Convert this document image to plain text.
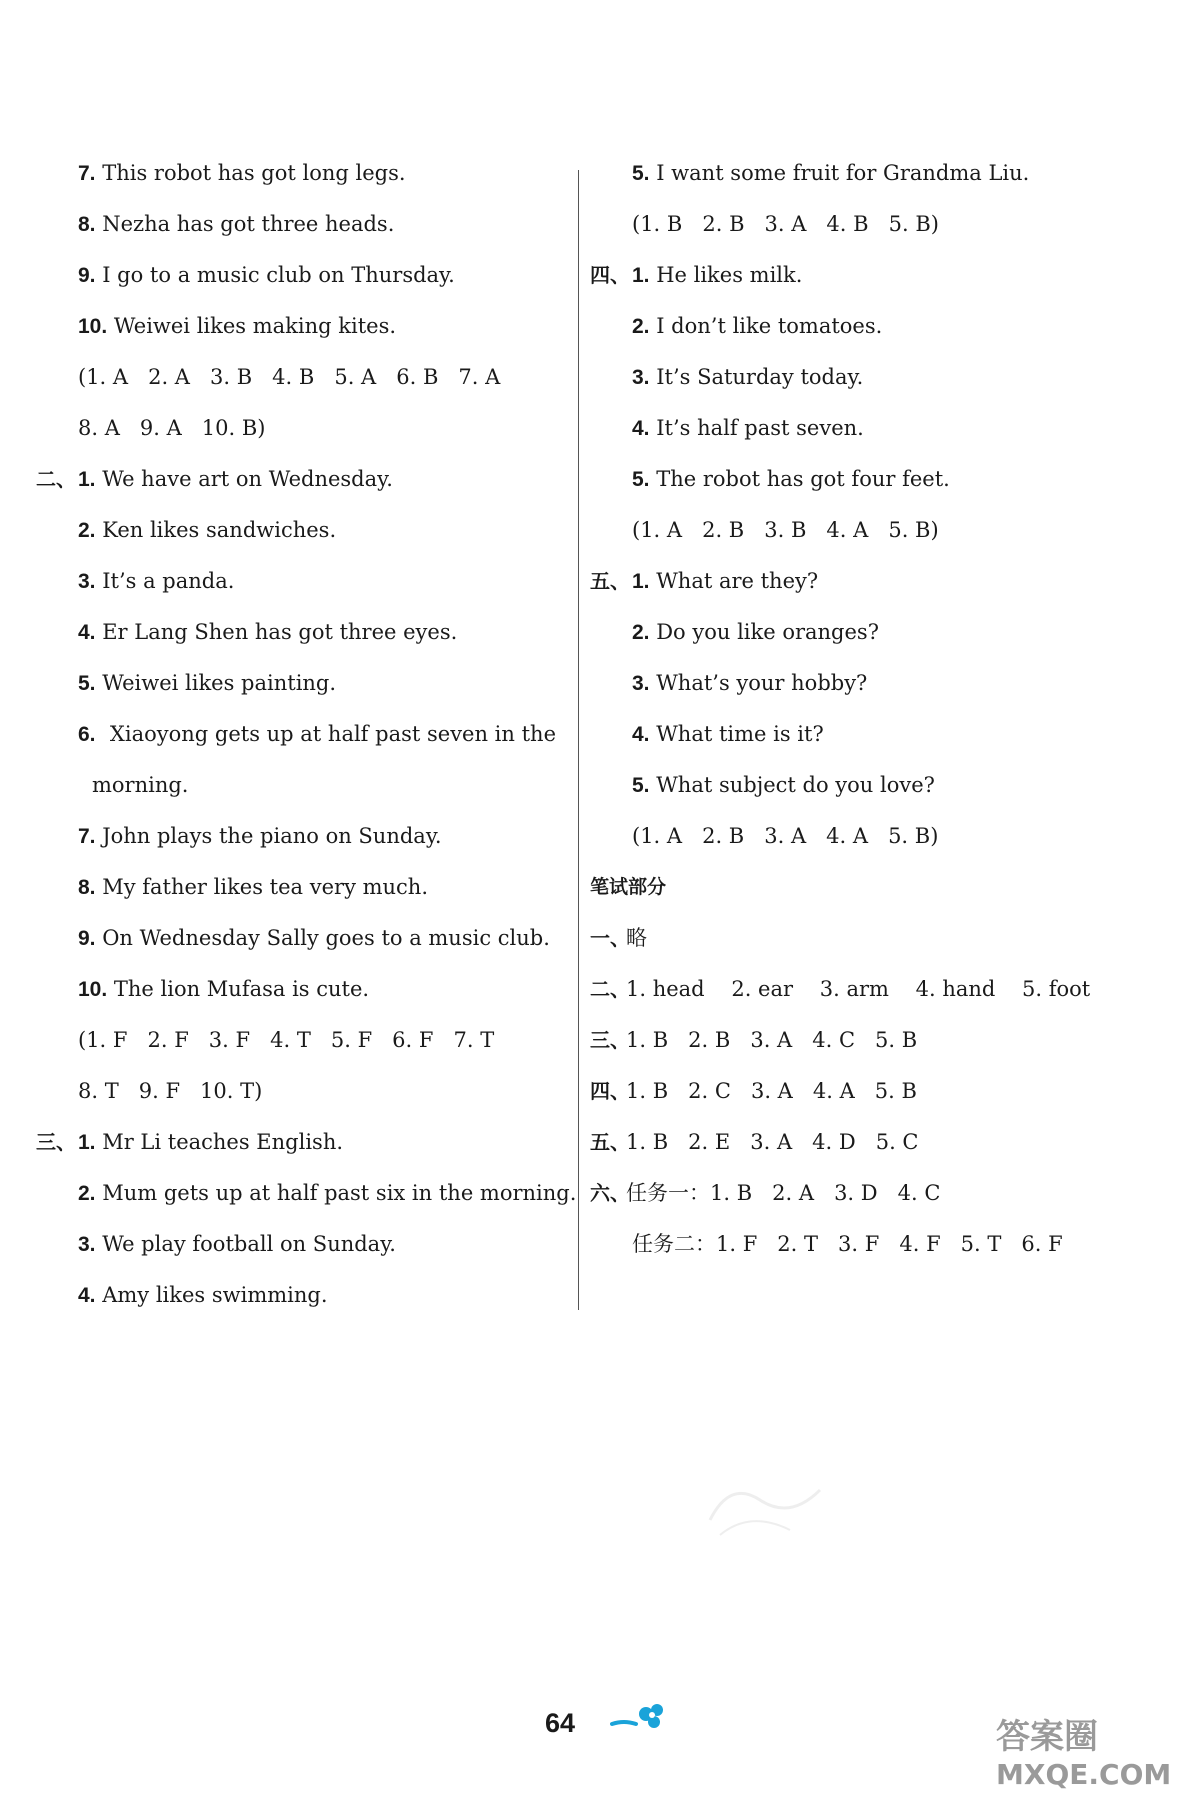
7. This robot has got long legs.
8. Nezha has got three heads.
9. I go to a music club on Thursday.
10. Weiwei likes making kites.
(1. A   2. A   3. B   4. B   5. A   6. B   7. A
8. A   9. A   10. B)
二、 1. We have art on Wednesday.
2. Ken likes sandwiches.
3. It’s a panda.
4. Er Lang Shen has got three eyes.
5. Weiwei likes painting.
6. Xiaoyong gets up at half past seven in the
morning.
7. John plays the piano on Sunday.
8. My father likes tea very much.
9. On Wednesday Sally goes to a music club.
10. The lion Mufasa is cute.
(1. F   2. F   3. F   4. T   5. F   6. F   7. T
8. T   9. F   10. T)
三、 1. Mr Li teaches English.
2. Mum gets up at half past six in the morning.
3. We play football on Sunday.
4. Amy likes swimming.
5. I want some fruit for Grandma Liu.
(1. B   2. B   3. A   4. B   5. B)
四、 1. He likes milk.
2. I don’t like tomatoes.
3. It’s Saturday today.
4. It’s half past seven.
5. The robot has got four feet.
(1. A   2. B   3. B   4. A   5. B)
五、 1. What are they?
2. Do you like oranges?
3. What’s your hobby?
4. What time is it?
5. What subject do you love?
(1. A   2. B   3. A   4. A   5. B)
笔试部分
一、
略
二、
1. head    2. ear    3. arm    4. hand    5. foot
三、
1. B   2. B   3. A   4. C   5. B
四、
1. B   2. C   3. A   4. A   5. B
五、
1. B   2. E   3. A   4. D   5. C
六、
任务一：1. B   2. A   3. D   4. C
任务二：1. F   2. T   3. F   4. F   5. T   6. F
64	答案圈
MXQE.COM
